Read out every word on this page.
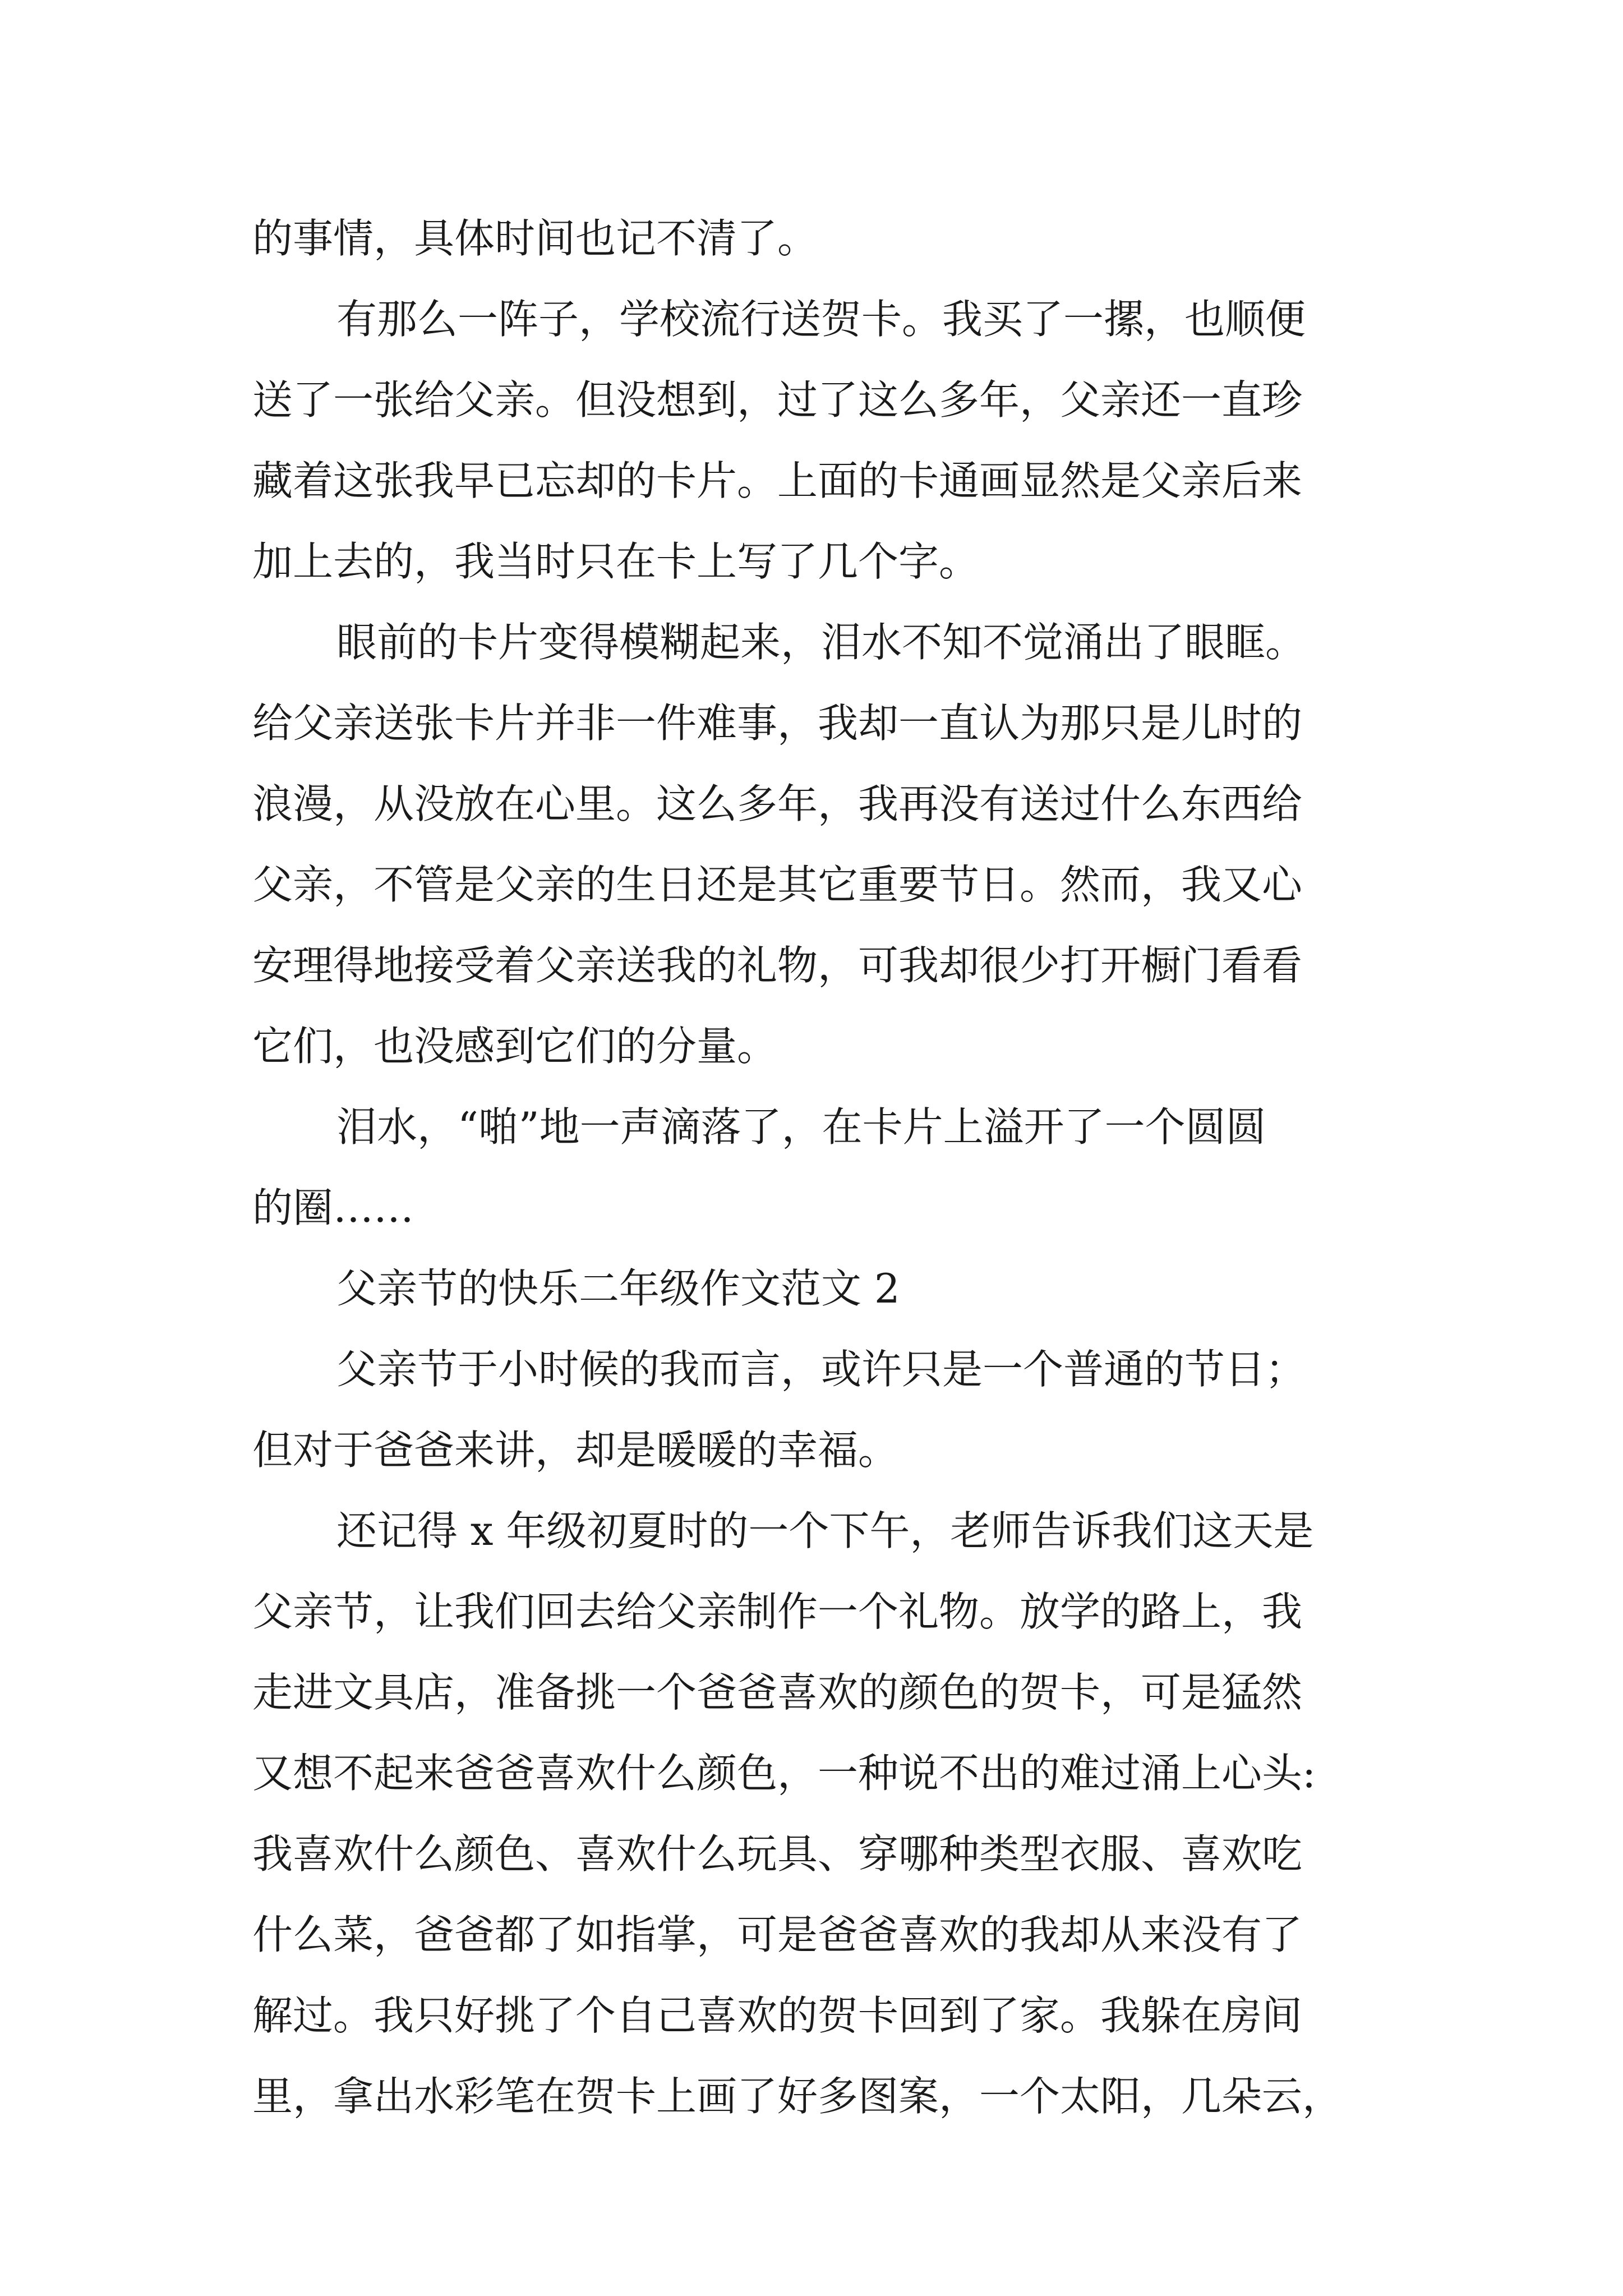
的事情，具体时间也记不清了。

有那么一阵子，学校流行送贺卡。我买了一摞，也顺便

送了一张给父亲。但没想到，过了这么多年，父亲还一直珍

藏着这张我早已忘却的卡片。上面的卡通画显然是父亲后来

加上去的，我当时只在卡上写了几个字。

眼前的卡片变得模糊起来，泪水不知不觉涌出了眼眶。

给父亲送张卡片并非一件难事，我却一直认为那只是儿时的

浪漫，从没放在心里。这么多年，我再没有送过什么东西给

父亲，不管是父亲的生日还是其它重要节日。然而，我又心

安理得地接受着父亲送我的礼物，可我却很少打开橱门看看

它们，也没感到它们的分量。

泪水，“啪”地一声滴落了，在卡片上溢开了一个圆圆

的圈……

父亲节的快乐二年级作文范文 2

父亲节于小时候的我而言，或许只是一个普通的节日；

但对于爸爸来讲，却是暖暖的幸福。

还记得 x 年级初夏时的一个下午，老师告诉我们这天是

父亲节，让我们回去给父亲制作一个礼物。放学的路上，我

走进文具店，准备挑一个爸爸喜欢的颜色的贺卡，可是猛然

又想不起来爸爸喜欢什么颜色，一种说不出的难过涌上心头:

我喜欢什么颜色、喜欢什么玩具、穿哪种类型衣服、喜欢吃

什么菜，爸爸都了如指掌，可是爸爸喜欢的我却从来没有了

解过。我只好挑了个自己喜欢的贺卡回到了家。我躲在房间

里，拿出水彩笔在贺卡上画了好多图案，一个太阳，几朵云，
